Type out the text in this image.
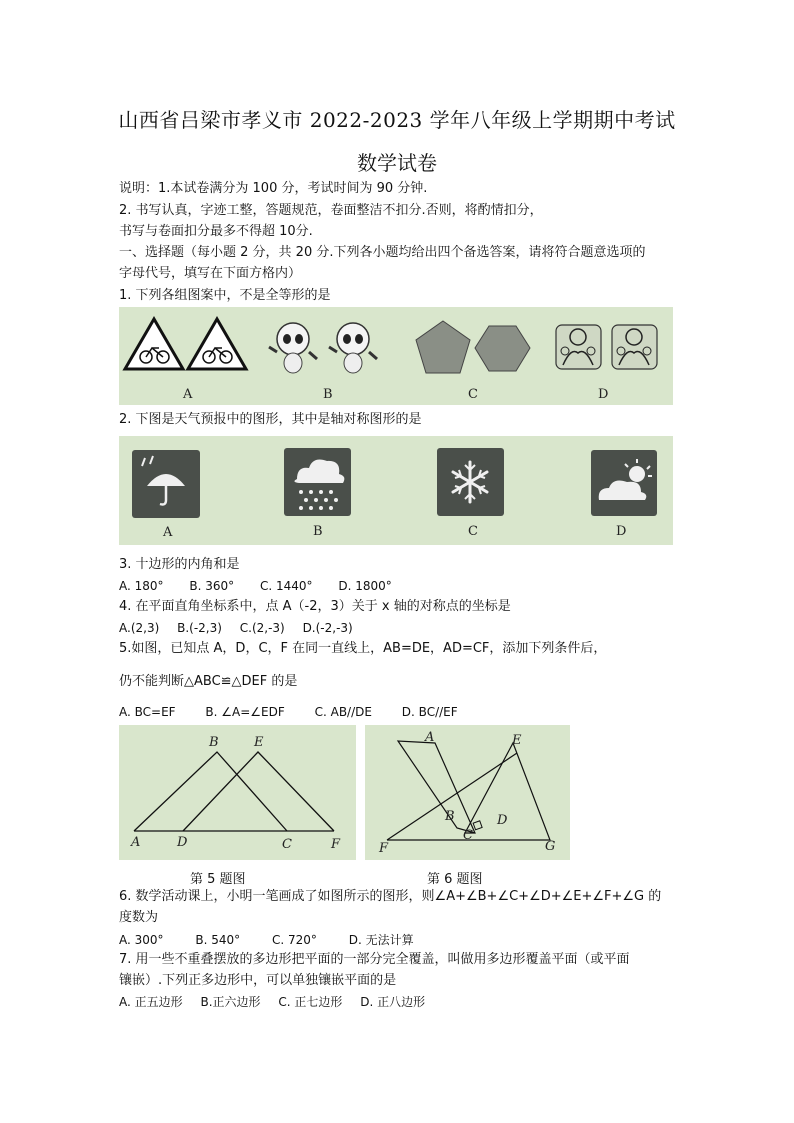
山西省吕梁市孝义市 2022-2023 学年八年级上学期期中考试
数学试卷
说明：1.本试卷满分为 100 分，考试时间为 90 分钟.
2. 书写认真，字迹工整，答题规范，卷面整洁不扣分.否则，将酌情扣分，
书写与卷面扣分最多不得超 10分.
一、选择题（每小题 2 分，共 20 分.下列各小题均给出四个备选答案，请将符合题意选项的
字母代号，填写在下面方格内）
1. 下列各组图案中，不是全等形的是
A	B	C	D
2. 下图是天气预报中的图形，其中是轴对称图形的是
A	B	C	D
3. 十边形的内角和是
A. 180° B. 360° C. 1440° D. 1800°
4. 在平面直角坐标系中，点 A（-2，3）关于 x 轴的对称点的坐标是
A.(2,3) B.(-2,3) C.(2,-3) D.(-2,-3)
5.如图，已知点 A，D，C，F 在同一直线上，AB=DE，AD=CF，添加下列条件后，
仍不能判断△ABC≌△DEF 的是
A. BC=EF B. ∠A=∠EDF C. AB//DE D. BC//EF
A
B
D
E
C	F
A	E
B	D
C
F	G
第 5 题图	第 6 题图
6. 数学活动课上，小明一笔画成了如图所示的图形，则∠A+∠B+∠C+∠D+∠E+∠F+∠G 的
度数为
A. 300°	B. 540°	C. 720°	D. 无法计算
7. 用一些不重叠摆放的多边形把平面的一部分完全覆盖，叫做用多边形覆盖平面（或平面
镶嵌）.下列正多边形中，可以单独镶嵌平面的是
A. 正五边形 B.正六边形 C. 正七边形 D. 正八边形
